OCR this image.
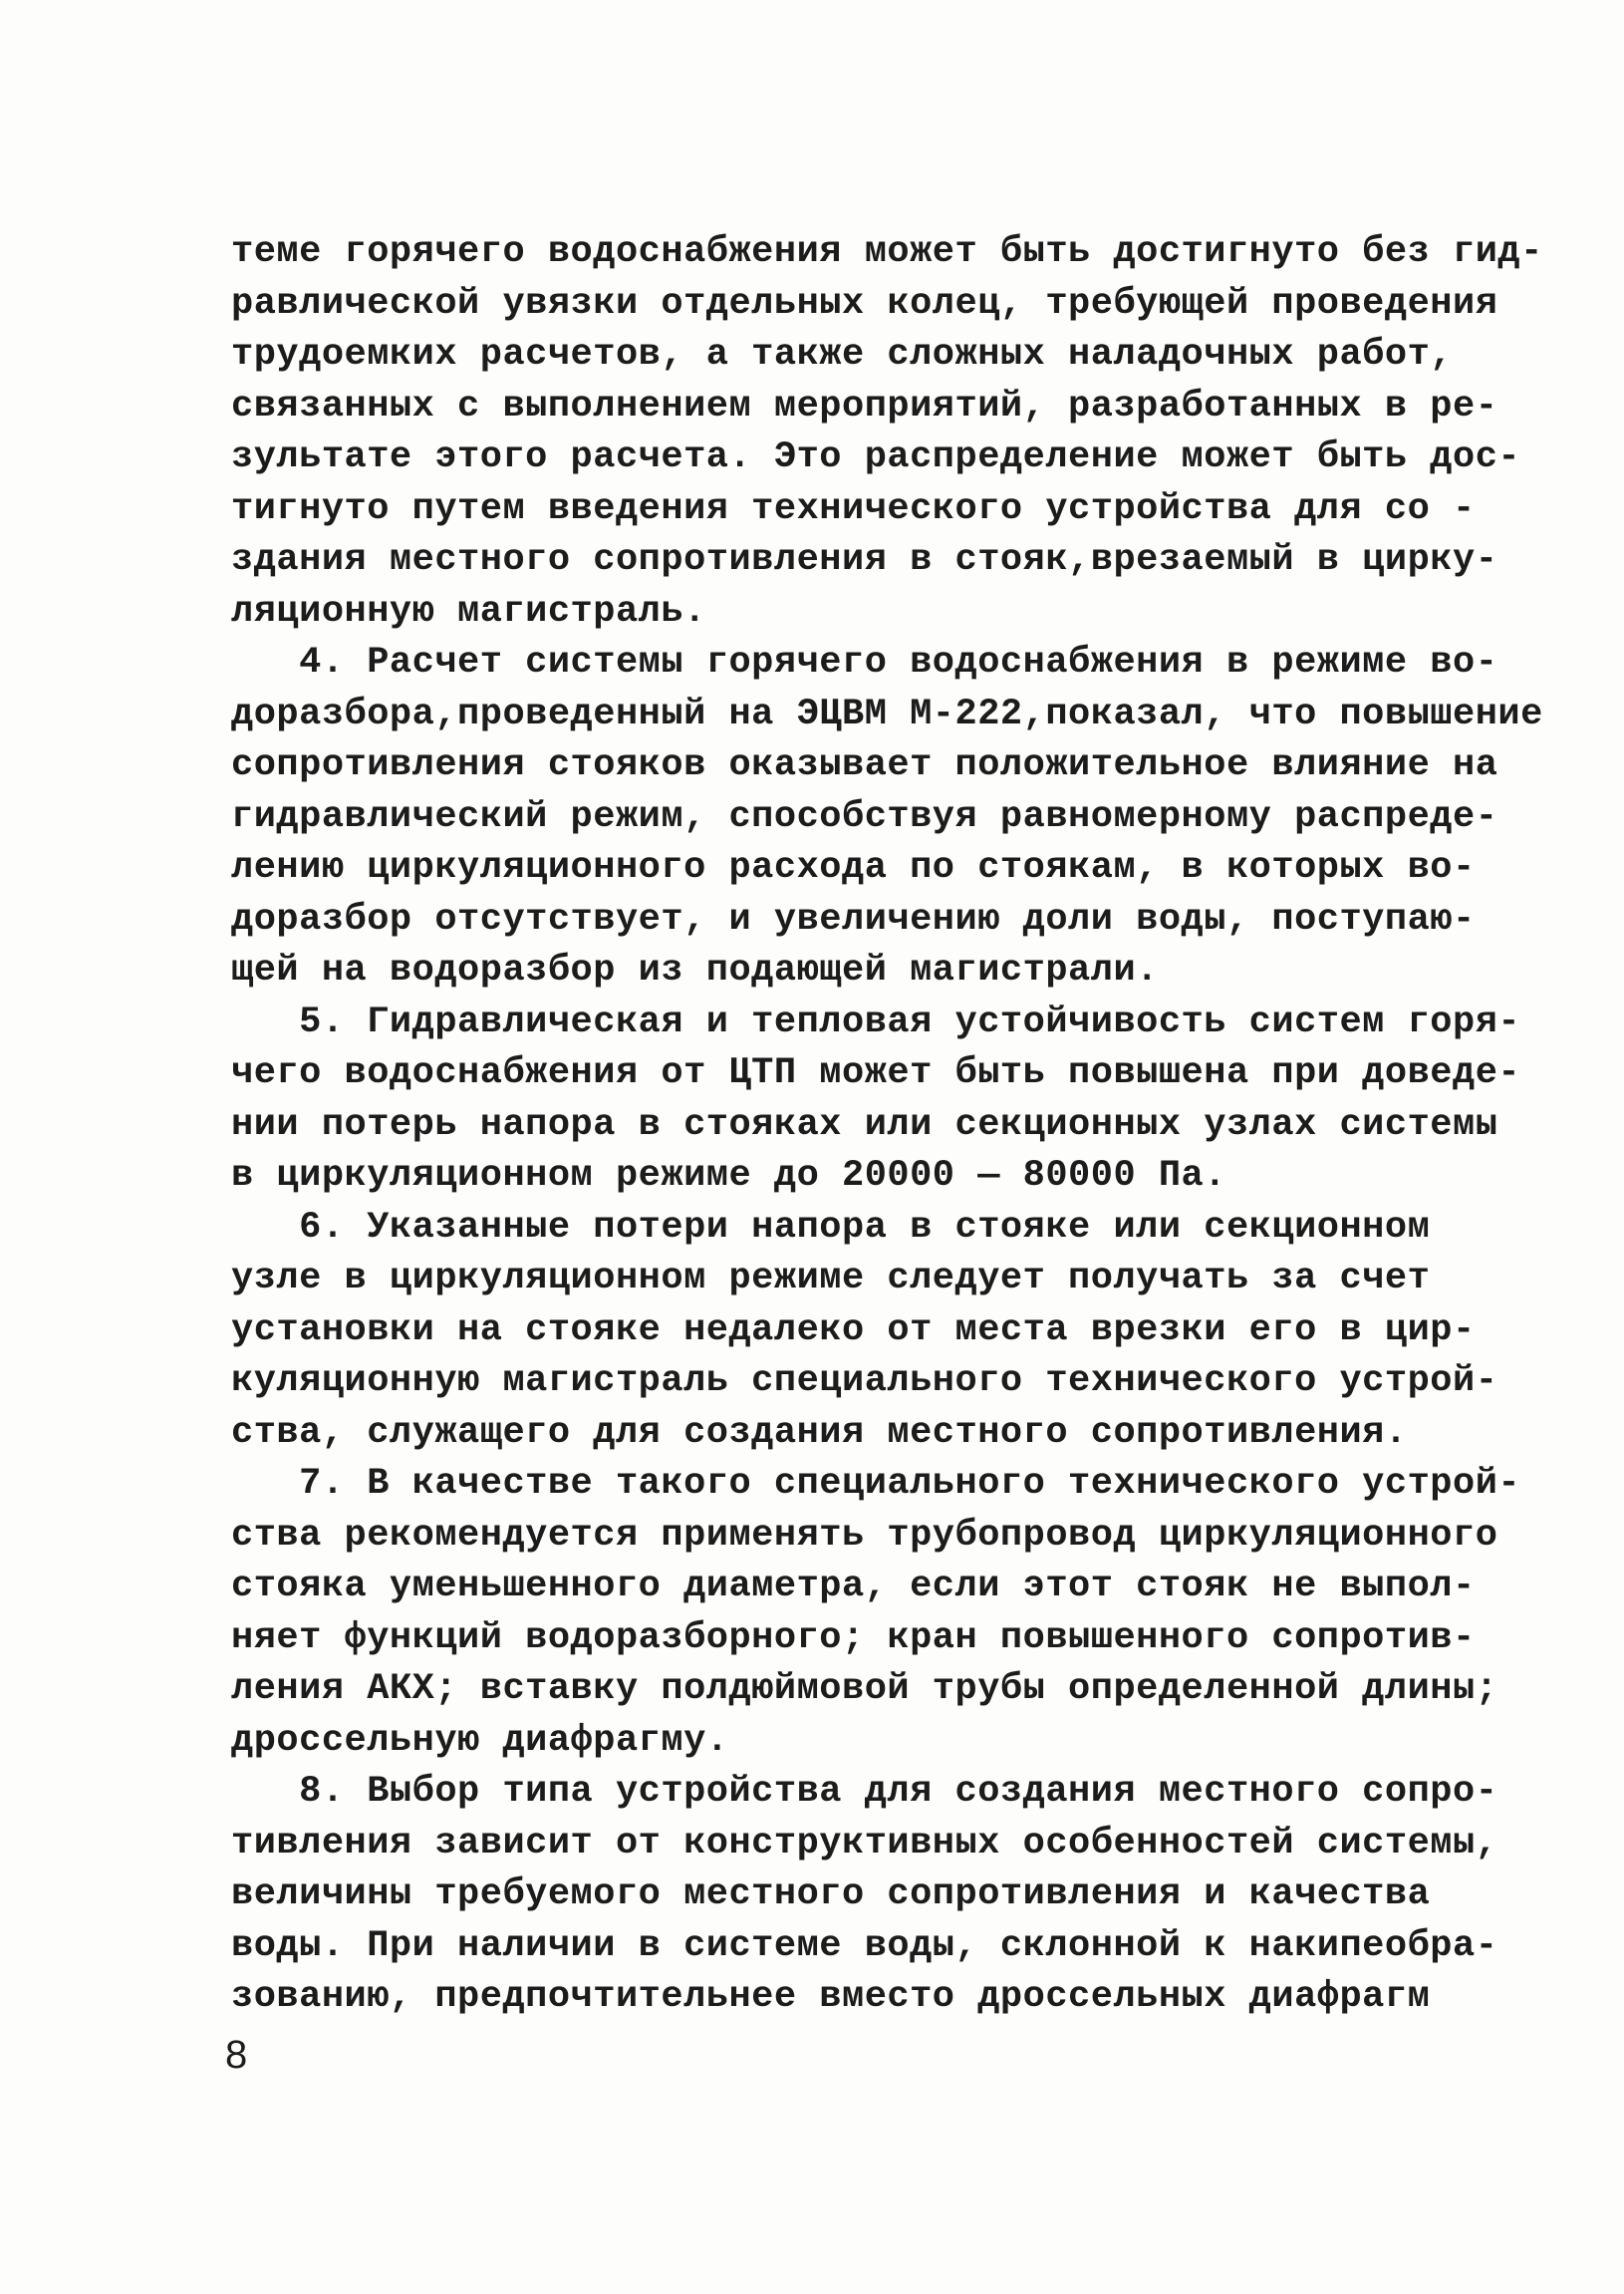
теме горячего водоснабжения может быть достигнуто без гид-
равлической увязки отдельных колец, требующей проведения
трудоемких расчетов, а также сложных наладочных работ,
связанных с выполнением мероприятий, разработанных в ре-
зультате этого расчета. Это распределение может быть дос-
тигнуто путем введения технического устройства для со -
здания местного сопротивления в стояк,врезаемый в цирку-
ляционную магистраль.
4. Расчет системы горячего водоснабжения в режиме во-
доразбора,проведенный на ЭЦВМ М-222,показал, что повышение
сопротивления стояков оказывает положительное влияние на
гидравлический режим, способствуя равномерному распреде-
лению циркуляционного расхода по стоякам, в которых во-
доразбор отсутствует, и увеличению доли воды, поступаю-
щей на водоразбор из подающей магистрали.
5. Гидравлическая и тепловая устойчивость систем горя-
чего водоснабжения от ЦТП может быть повышена при доведе-
нии потерь напора в стояках или секционных узлах системы
в циркуляционном режиме до 20000 — 80000 Па.
6. Указанные потери напора в стояке или секционном
узле в циркуляционном режиме следует получать за счет
установки на стояке недалеко от места врезки его в цир-
куляционную магистраль специального технического устрой-
ства, служащего для создания местного сопротивления.
7. В качестве такого специального технического устрой-
ства рекомендуется применять трубопровод циркуляционного
стояка уменьшенного диаметра, если этот стояк не выпол-
няет функций водоразборного; кран повышенного сопротив-
ления АКХ; вставку полдюймовой трубы определенной длины;
дроссельную диафрагму.
8. Выбор типа устройства для создания местного сопро-
тивления зависит от конструктивных особенностей системы,
величины требуемого местного сопротивления и качества
воды. При наличии в системе воды, склонной к накипеобра-
зованию, предпочтительнее вместо дроссельных диафрагм
8
